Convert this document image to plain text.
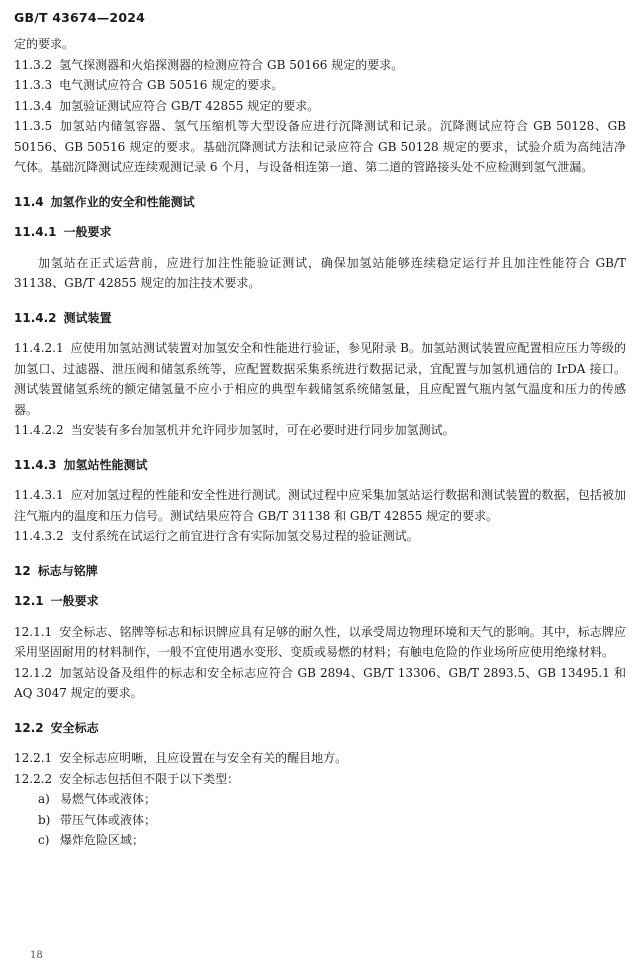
GB/T 43674—2024

定的要求。

11.3.2 氢气探测器和火焰探测器的检测应符合 GB 50166 规定的要求。

11.3.3 电气测试应符合 GB 50516 规定的要求。

11.3.4 加氢验证测试应符合 GB/T 42855 规定的要求。

11.3.5 加氢站内储氢容器、氢气压缩机等大型设备应进行沉降测试和记录。沉降测试应符合 GB 50128、GB 50156、GB 50516 规定的要求。基础沉降测试方法和记录应符合 GB 50128 规定的要求，试验介质为高纯洁净气体。基础沉降测试应连续观测记录 6 个月，与设备相连第一道、第二道的管路接头处不应检测到氢气泄漏。

11.4 加氢作业的安全和性能测试

11.4.1 一般要求

加氢站在正式运营前，应进行加注性能验证测试，确保加氢站能够连续稳定运行并且加注性能符合 GB/T 31138、GB/T 42855 规定的加注技术要求。

11.4.2 测试装置

11.4.2.1 应使用加氢站测试装置对加氢安全和性能进行验证，参见附录 B。加氢站测试装置应配置相应压力等级的加氢口、过滤器、泄压阀和储氢系统等，应配置数据采集系统进行数据记录，宜配置与加氢机通信的 IrDA 接口。测试装置储氢系统的额定储氢量不应小于相应的典型车载储氢系统储氢量，且应配置气瓶内氢气温度和压力的传感器。

11.4.2.2 当安装有多台加氢机并允许同步加氢时，可在必要时进行同步加氢测试。

11.4.3 加氢站性能测试

11.4.3.1 应对加氢过程的性能和安全性进行测试。测试过程中应采集加氢站运行数据和测试装置的数据，包括被加注气瓶内的温度和压力信号。测试结果应符合 GB/T 31138 和 GB/T 42855 规定的要求。

11.4.3.2 支付系统在试运行之前宜进行含有实际加氢交易过程的验证测试。

12 标志与铭牌

12.1 一般要求

12.1.1 安全标志、铭牌等标志和标识牌应具有足够的耐久性，以承受周边物理环境和天气的影响。其中，标志牌应采用坚固耐用的材料制作，一般不宜使用遇水变形、变质或易燃的材料；有触电危险的作业场所应使用绝缘材料。

12.1.2 加氢站设备及组件的标志和安全标志应符合 GB 2894、GB/T 13306、GB/T 2893.5、GB 13495.1 和 AQ 3047 规定的要求。

12.2 安全标志

12.2.1 安全标志应明晰，且应设置在与安全有关的醒目地方。

12.2.2 安全标志包括但不限于以下类型：

a) 易燃气体或液体；

b) 带压气体或液体；

c) 爆炸危险区域；

18
